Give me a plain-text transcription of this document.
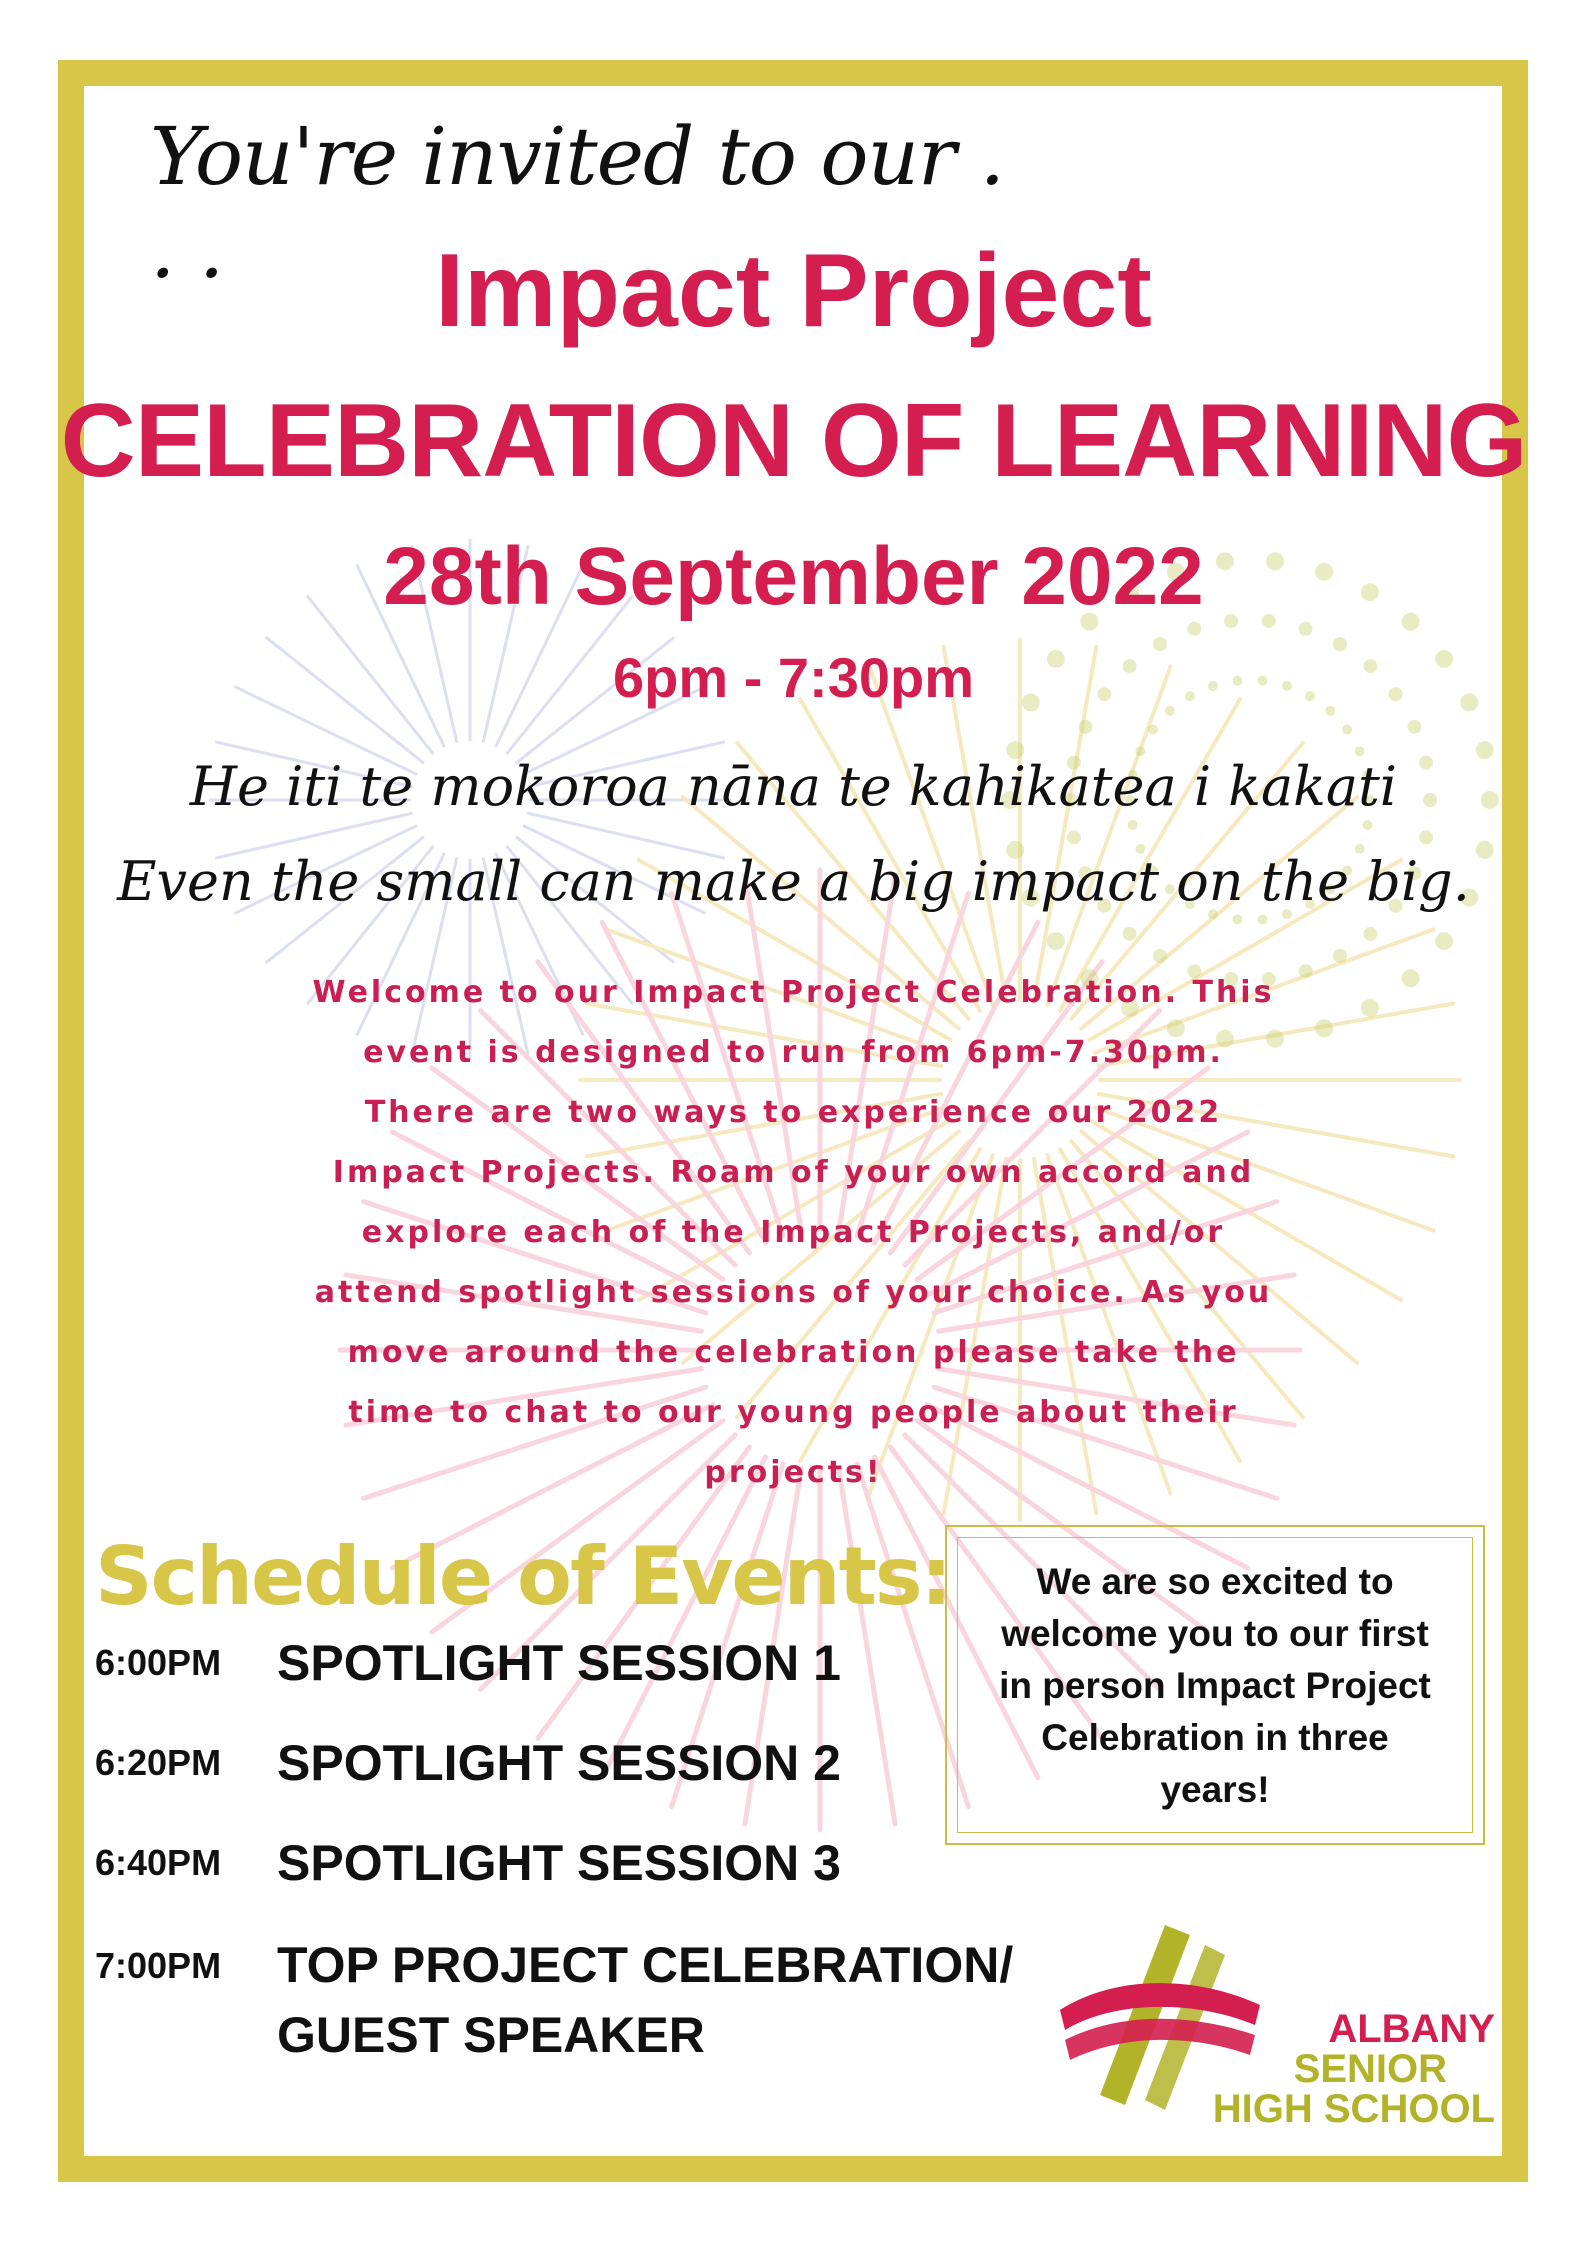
You're invited to our . . .	Impact Project
CELEBRATION OF LEARNING
28th September 2022
6pm - 7:30pm
He iti te mokoroa nāna te kahikatea i kakati
Even the small can make a big impact on the big.
Welcome to our Impact Project Celebration. This
event is designed to run from 6pm-7.30pm.
There are two ways to experience our 2022
Impact Projects. Roam of your own accord and
explore each of the Impact Projects, and/or
attend spotlight sessions of your choice. As you
move around the celebration please take the
time to chat to our young people about their
projects!
Schedule of Events:
6:00PM	SPOTLIGHT SESSION 1
6:20PM	SPOTLIGHT SESSION 2
6:40PM	SPOTLIGHT SESSION 3
7:00PM	TOP PROJECT CELEBRATION/
GUEST SPEAKER
We are so excited to
welcome you to our first
in person Impact Project
Celebration in three
years!
ALBANY
SENIOR
HIGH SCHOOL
